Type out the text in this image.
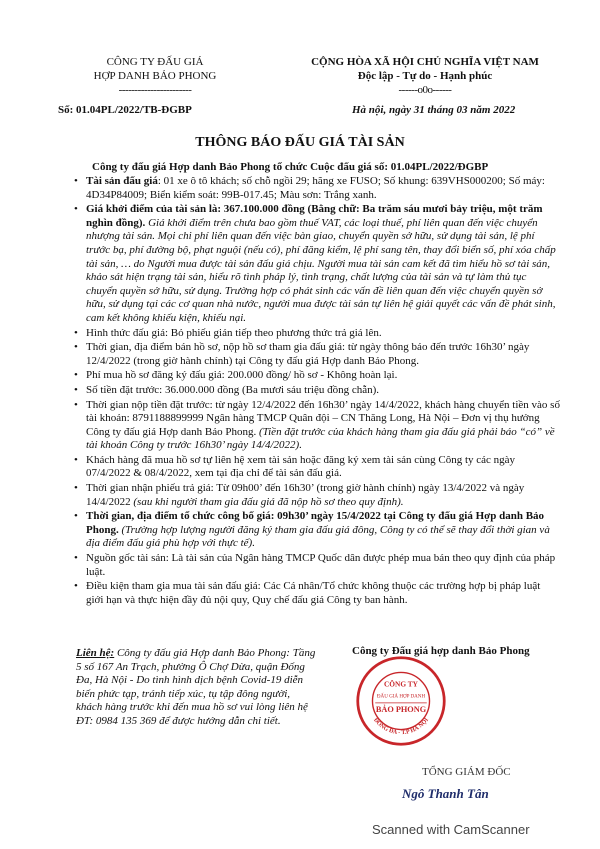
CÔNG TY ĐẤU GIÁ
HỢP DANH BẢO PHONG
-----------------------
CỘNG HÒA XÃ HỘI CHỦ NGHĨA VIỆT NAM
Độc lập - Tự do - Hạnh phúc
------o0o------
Số: 01.04PL/2022/TB-ĐGBP	Hà nội, ngày 31 tháng 03 năm 2022
THÔNG BÁO ĐẤU GIÁ TÀI SẢN
Công ty đấu giá Hợp danh Bảo Phong tổ chức Cuộc đấu giá số: 01.04PL/2022/ĐGBP
• Tài sản đấu giá: 01 xe ô tô khách; số chỗ ngồi 29; hãng xe FUSO; Số khung: 639VHS000200; Số máy: 4D34P84009; Biển kiểm soát: 99B-017.45; Màu sơn: Trắng xanh.
• Giá khởi điểm của tài sản là: 367.100.000 đồng (Bằng chữ: Ba trăm sáu mươi bảy triệu, một trăm nghìn đồng). Giá khởi điểm trên chưa bao gồm thuế VAT, các loại thuế, phí liên quan đến việc chuyển nhượng tài sản. Mọi chi phí liên quan đến việc bàn giao, chuyển quyền sở hữu, sử dụng tài sản, lệ phí trước bạ, phí đường bộ, phạt nguội (nếu có), phí đăng kiểm, lệ phí sang tên, thay đổi biển số, phí xóa chấp tài sản, … do Người mua được tài sản đấu giá chịu. Người mua tài sản cam kết đã tìm hiểu hồ sơ tài sản, khảo sát hiện trạng tài sản, hiểu rõ tình pháp lý, tình trạng, chất lượng của tài sản và tự làm thủ tục chuyển quyền sở hữu, sử dụng. Trường hợp có phát sinh các vấn đề liên quan đến việc chuyển quyền sở hữu, sử dụng tại các cơ quan nhà nước, người mua được tài sản tự liên hệ giải quyết các vấn đề phát sinh, cam kết không khiếu kiện, khiếu nại.
• Hình thức đấu giá: Bỏ phiếu gián tiếp theo phương thức trả giá lên.
• Thời gian, địa điểm bán hồ sơ, nộp hồ sơ tham gia đấu giá: từ ngày thông báo đến trước 16h30’ ngày 12/4/2022 (trong giờ hành chính) tại Công ty đấu giá Hợp danh Bảo Phong.
• Phí mua hồ sơ đăng ký đấu giá: 200.000 đồng/ hồ sơ - Không hoàn lại.
• Số tiền đặt trước: 36.000.000 đồng (Ba mươi sáu triệu đồng chẵn).
• Thời gian nộp tiền đặt trước: từ ngày 12/4/2022 đến 16h30’ ngày 14/4/2022, khách hàng chuyển tiền vào số tài khoản: 8791188899999 Ngân hàng TMCP Quân đội – CN Thăng Long, Hà Nội – Đơn vị thụ hưởng Công ty đấu giá Hợp danh Bảo Phong. (Tiền đặt trước của khách hàng tham gia đấu giá phải báo “có” về tài khoản Công ty trước 16h30’ ngày 14/4/2022).
• Khách hàng đã mua hồ sơ tự liên hệ xem tài sản hoặc đăng ký xem tài sản cùng Công ty các ngày 07/4/2022 & 08/4/2022, xem tại địa chỉ để tài sản đấu giá.
• Thời gian nhận phiếu trả giá: Từ 09h00’ đến 16h30’ (trong giờ hành chính) ngày 13/4/2022 và ngày 14/4/2022 (sau khi người tham gia đấu giá đã nộp hồ sơ theo quy định).
• Thời gian, địa điểm tổ chức công bố giá: 09h30’ ngày 15/4/2022 tại Công ty đấu giá Hợp danh Bảo Phong. (Trường hợp lượng người đăng ký tham gia đấu giá đông, Công ty có thể sẽ thay đổi thời gian và địa điểm đấu giá phù hợp với thực tế).
• Nguồn gốc tài sản: Là tài sản của Ngân hàng TMCP Quốc dân được phép mua bán theo quy định của pháp luật.
• Điều kiện tham gia mua tài sản đấu giá: Các Cá nhân/Tổ chức không thuộc các trường hợp bị pháp luật giới hạn và thực hiện đầy đủ nội quy, Quy chế đấu giá Công ty ban hành.
Liên hệ: Công ty đấu giá Hợp danh Bảo Phong: Tầng 5 số 167 An Trạch, phường Ô Chợ Dừa, quận Đống Đa, Hà Nội - Do tình hình dịch bệnh Covid-19 diễn biến phức tạp, tránh tiếp xúc, tụ tập đông người, khách hàng trước khi đến mua hồ sơ vui lòng liên hệ ĐT: 0984 135 369 để được hướng dẫn chi tiết.
Công ty Đấu giá hợp danh Bảo Phong
ĐỐNG ĐA - T.P HÀ NỘI
CÔNG TY
ĐẤU GIÁ HỢP DANH
BẢO PHONG
TỔNG GIÁM ĐỐC
Ngô Thanh Tân
Scanned with CamScanner
